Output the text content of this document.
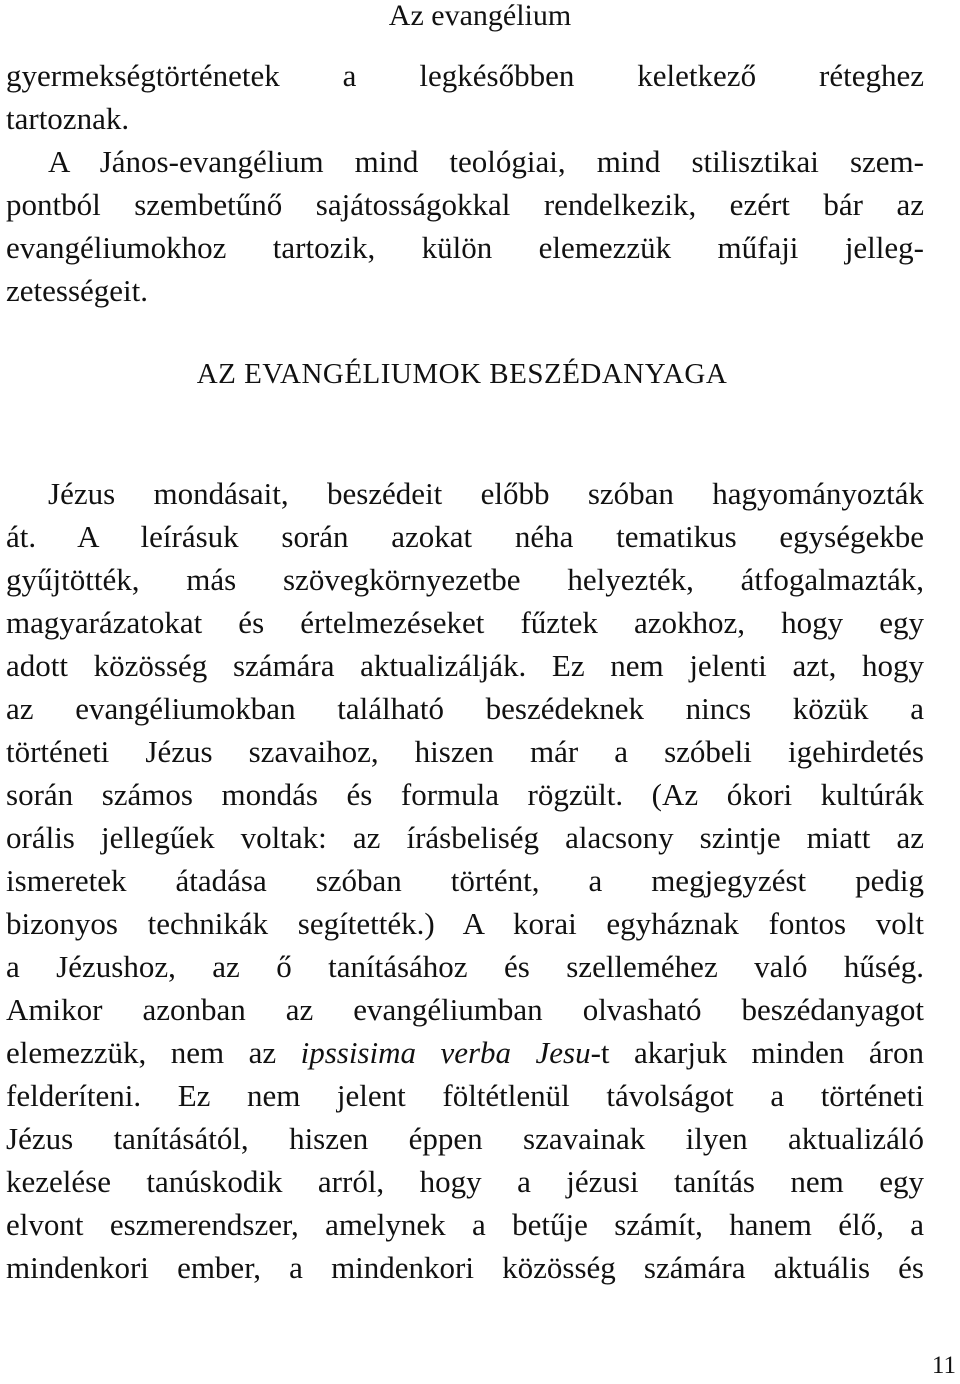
Az evangélium
gyermekségtörténetek a legkésőbben keletkező réteghez
tartoznak.
A János-evangélium mind teológiai, mind stilisztikai szem-
pontból szembetűnő sajátosságokkal rendelkezik, ezért bár az
evangéliumokhoz tartozik, külön elemezzük műfaji jelleg-
zetességeit.
AZ EVANGÉLIUMOK BESZÉDANYAGA
Jézus mondásait, beszédeit előbb szóban hagyományozták
át. A leírásuk során azokat néha tematikus egységekbe
gyűjtötték, más szövegkörnyezetbe helyezték, átfogalmazták,
magyarázatokat és értelmezéseket fűztek azokhoz, hogy egy
adott közösség számára aktualizálják. Ez nem jelenti azt, hogy
az evangéliumokban található beszédeknek nincs közük a
történeti Jézus szavaihoz, hiszen már a szóbeli igehirdetés
során számos mondás és formula rögzült. (Az ókori kultúrák
orális jellegűek voltak: az írásbeliség alacsony szintje miatt az
ismeretek átadása szóban történt, a megjegyzést pedig
bizonyos technikák segítették.) A korai egyháznak fontos volt
a Jézushoz, az ő tanításához és szelleméhez való hűség.
Amikor azonban az evangéliumban olvasható beszédanyagot
elemezzük, nem az ipssisima verba Jesu-t akarjuk minden áron
felderíteni. Ez nem jelent föltétlenül távolságot a történeti
Jézus tanításától, hiszen éppen szavainak ilyen aktualizáló
kezelése tanúskodik arról, hogy a jézusi tanítás nem egy
elvont eszmerendszer, amelynek a betűje számít, hanem élő, a
mindenkori ember, a mindenkori közösség számára aktuális és
11
